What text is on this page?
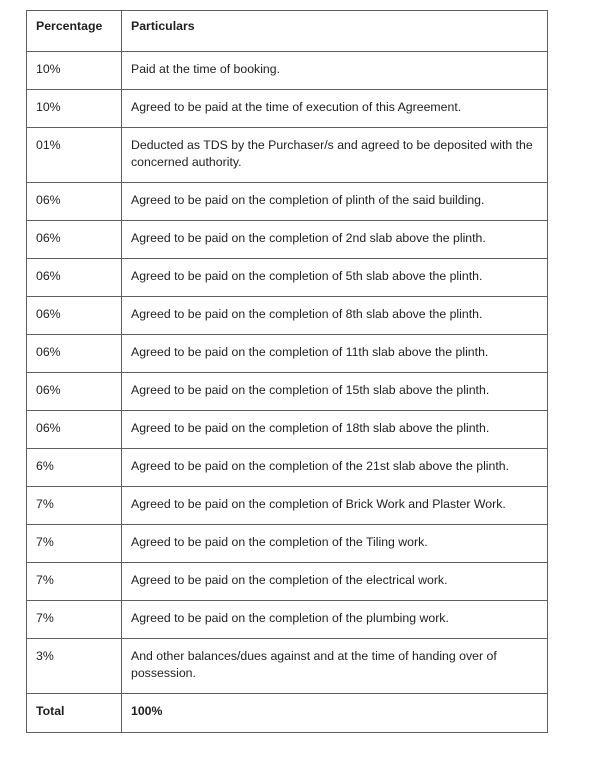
Percentage	Particulars
10%	Paid at the time of booking.
10%	Agreed to be paid at the time of execution of this Agreement.
01%	Deducted as TDS by the Purchaser/s and agreed to be deposited with the concerned authority.
06%	Agreed to be paid on the completion of plinth of the said building.
06%	Agreed to be paid on the completion of 2nd slab above the plinth.
06%	Agreed to be paid on the completion of 5th slab above the plinth.
06%	Agreed to be paid on the completion of 8th slab above the plinth.
06%	Agreed to be paid on the completion of 11th slab above the plinth.
06%	Agreed to be paid on the completion of 15th slab above the plinth.
06%	Agreed to be paid on the completion of 18th slab above the plinth.
6%	Agreed to be paid on the completion of the 21st slab above the plinth.
7%	Agreed to be paid on the completion of Brick Work and Plaster Work.
7%	Agreed to be paid on the completion of the Tiling work.
7%	Agreed to be paid on the completion of the electrical work.
7%	Agreed to be paid on the completion of the plumbing work.
3%	And other balances/dues against and at the time of handing over of possession.
Total	100%
